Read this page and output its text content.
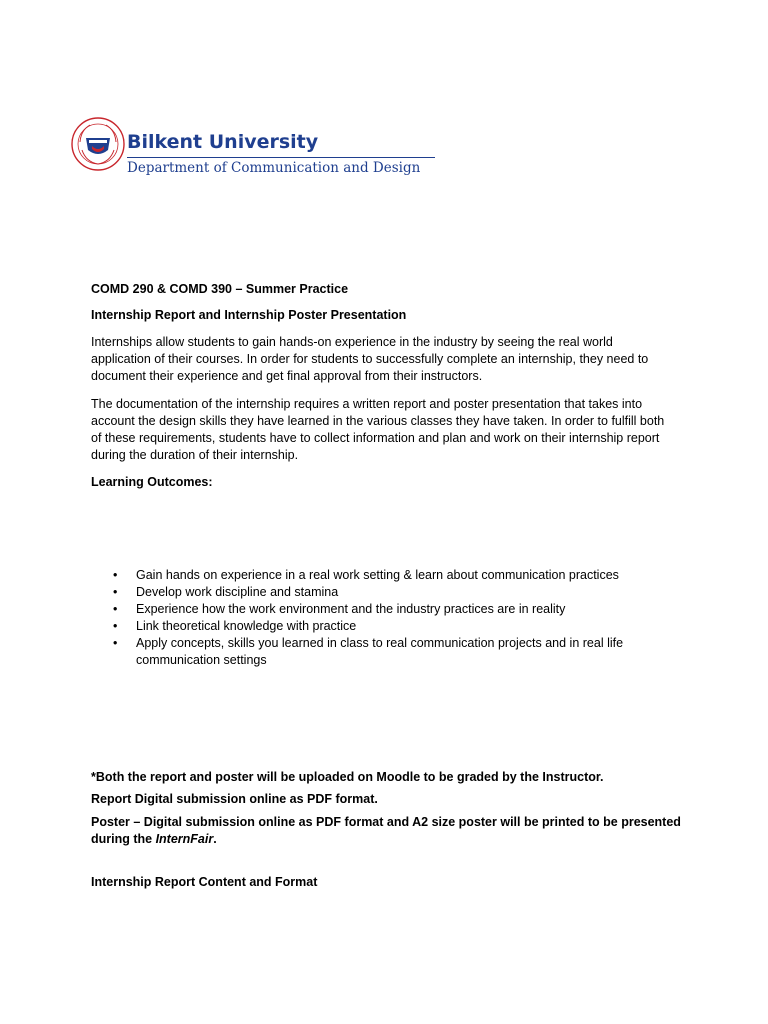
Bilkent University
Department of Communication and Design
COMD 290 & COMD 390 – Summer Practice
Internship Report and Internship Poster Presentation
Internships allow students to gain hands-on experience in the industry by seeing the real world application of their courses. In order for students to successfully complete an internship, they need to document their experience and get final approval from their instructors.
The documentation of the internship requires a written report and poster presentation that takes into account the design skills they have learned in the various classes they have taken. In order to fulfill both of these requirements, students have to collect information and plan and work on their internship report during the duration of their internship.
Learning Outcomes:
• Gain hands on experience in a real work setting & learn about communication practices
• Develop work discipline and stamina
• Experience how the work environment and the industry practices are in reality
• Link theoretical knowledge with practice
• Apply concepts, skills you learned in class to real communication projects and in real life communication settings
*Both the report and poster will be uploaded on Moodle to be graded by the Instructor.
Report Digital submission online as PDF format.
Poster – Digital submission online as PDF format and A2 size poster will be printed to be presented during the InternFair.
Internship Report Content and Format
